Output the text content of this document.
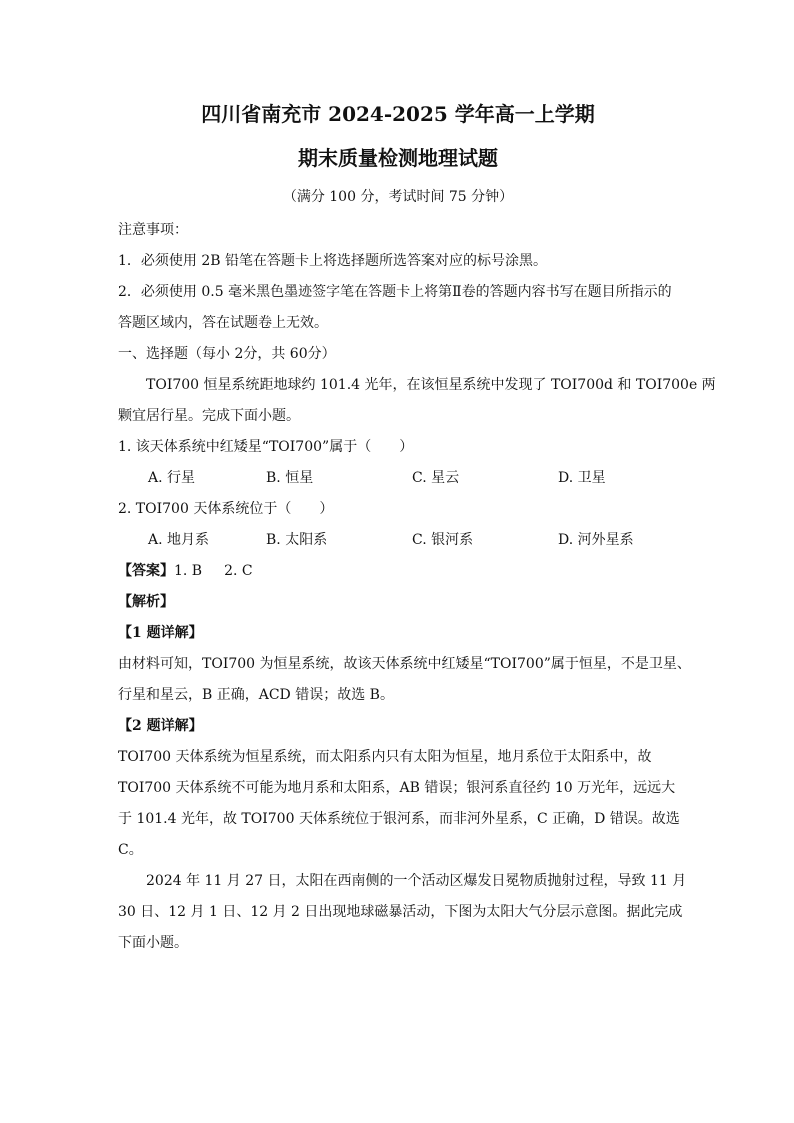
四川省南充市 2024-2025 学年高一上学期
期末质量检测地理试题
（满分 100 分，考试时间 75 分钟）
注意事项：
1．必须使用 2B 铅笔在答题卡上将选择题所选答案对应的标号涂黑。
2．必须使用 0.5 毫米黑色墨迹签字笔在答题卡上将第Ⅱ卷的答题内容书写在题目所指示的
答题区域内，答在试题卷上无效。
一、选择题（每小 2分，共 60分）
TOI700 恒星系统距地球约 101.4 光年，在该恒星系统中发现了 TOI700d 和 TOI700e 两
颗宜居行星。完成下面小题。
1. 该天体系统中红矮星“TOI700”属于（　　）
A. 行星	B. 恒星	C. 星云	D. 卫星
2. TOI700 天体系统位于（　　）
A. 地月系	B. 太阳系	C. 银河系	D. 河外星系
【答案】1. B 2. C
【解析】
【1 题详解】
由材料可知，TOI700 为恒星系统，故该天体系统中红矮星“TOI700”属于恒星，不是卫星、
行星和星云，B 正确，ACD 错误；故选 B。
【2 题详解】
TOI700 天体系统为恒星系统，而太阳系内只有太阳为恒星，地月系位于太阳系中，故
TOI700 天体系统不可能为地月系和太阳系，AB 错误；银河系直径约 10 万光年，远远大
于 101.4 光年，故 TOI700 天体系统位于银河系，而非河外星系，C 正确，D 错误。故选
C。
2024 年 11 月 27 日，太阳在西南侧的一个活动区爆发日冕物质抛射过程，导致 11 月
30 日、12 月 1 日、12 月 2 日出现地球磁暴活动，下图为太阳大气分层示意图。据此完成
下面小题。
